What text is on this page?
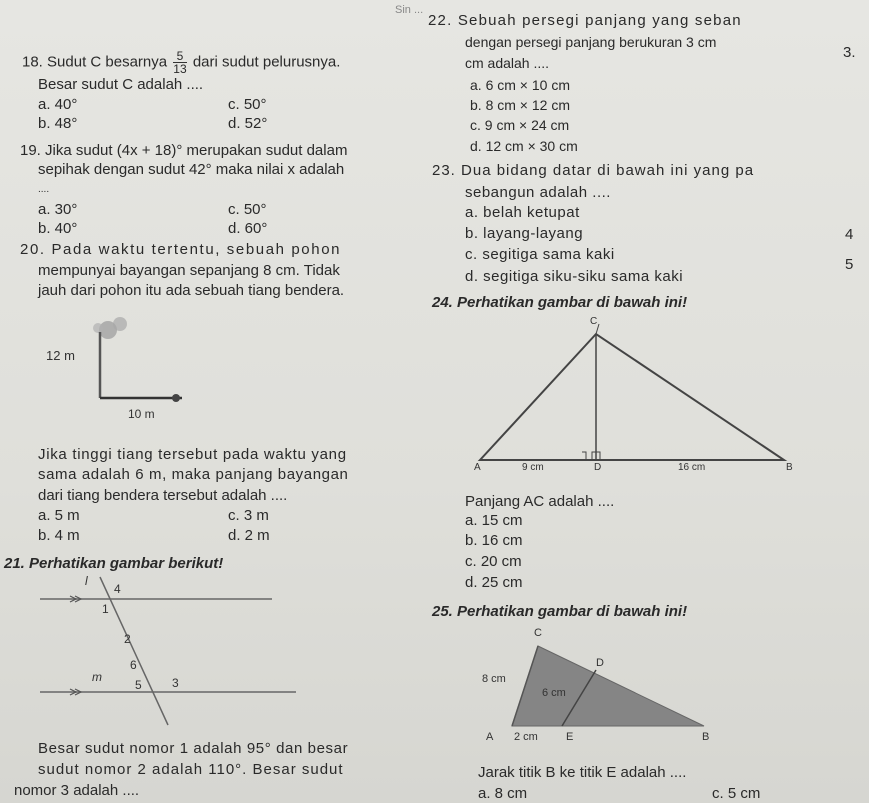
Sin ...
18. Sudut C besarnya $\frac{5}{13}$ dari sudut pelurusnya.
Besar sudut C adalah ....
a. 40°
b. 48°
c. 50°
d. 52°
19. Jika sudut (4x + 18)° merupakan sudut dalam
sepihak dengan sudut 42° maka nilai x adalah
....
a. 30°
b. 40°
c. 50°
d. 60°
20. Pada waktu tertentu, sebuah pohon
mempunyai bayangan sepanjang 8 cm. Tidak
jauh dari pohon itu ada sebuah tiang bendera.
12 m
10 m
Jika tinggi tiang tersebut pada waktu yang
sama adalah 6 m, maka panjang bayangan
dari tiang bendera tersebut adalah ....
a. 5 m
b. 4 m
c. 3 m
d. 2 m
21. Perhatikan gambar berikut!
l
4
1
2
6
m
5	3
Besar sudut nomor 1 adalah 95° dan besar
sudut nomor 2 adalah 110°. Besar sudut
nomor 3 adalah ....
22. Sebuah persegi panjang yang seban
dengan persegi panjang berukuran 3 cm
cm adalah ....
a. 6 cm × 10 cm
b. 8 cm × 12 cm
c. 9 cm × 24 cm
d. 12 cm × 30 cm
23. Dua bidang datar di bawah ini yang pa
sebangun adalah ....
a. belah ketupat
b. layang-layang
c. segitiga sama kaki
d. segitiga siku-siku sama kaki
24. Perhatikan gambar di bawah ini!
C
A	9 cm	D	16 cm	B
Panjang AC adalah ....
a. 15 cm
b. 16 cm
c. 20 cm
d. 25 cm
25. Perhatikan gambar di bawah ini!
C
D
8 cm
6 cm
A 2 cm	E	B
Jarak titik B ke titik E adalah ....
a. 8 cm	c. 5 cm
3.
4
5
